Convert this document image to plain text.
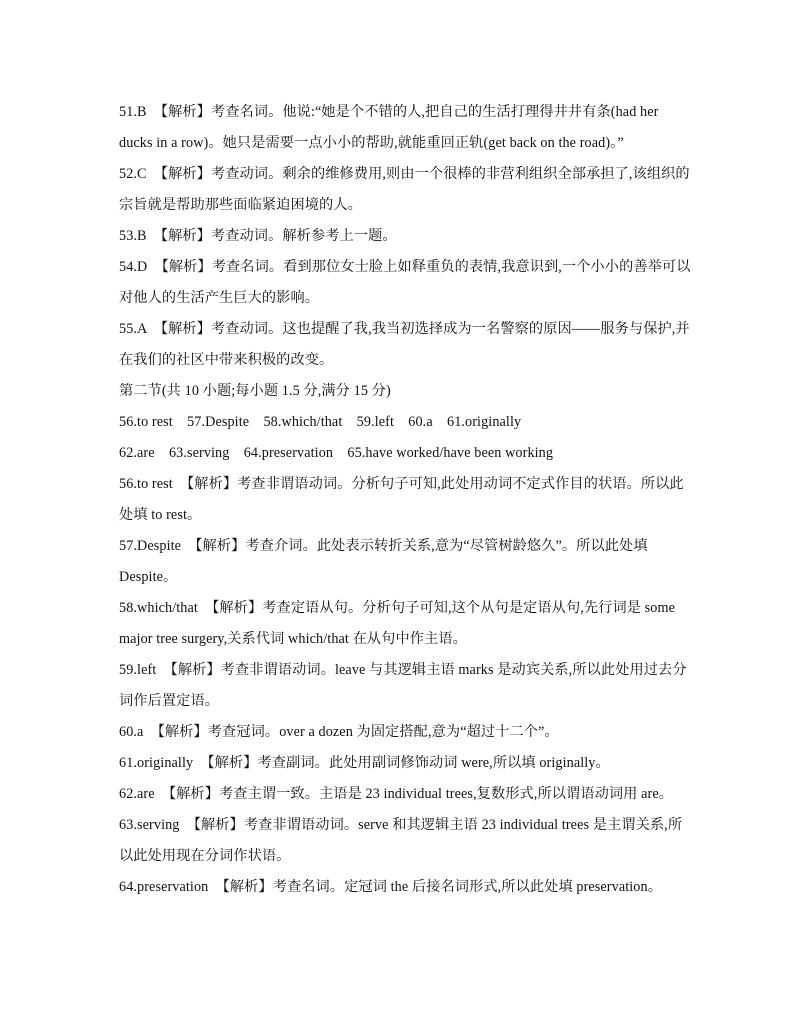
51.B　【解析】考查名词。他说:“她是个不错的人,把自己的生活打理得井井有条(had her
ducks in a row)。她只是需要一点小小的帮助,就能重回正轨(get back on the road)。”
52.C　【解析】考查动词。剩余的维修费用,则由一个很棒的非营利组织全部承担了,该组织的
宗旨就是帮助那些面临紧迫困境的人。
53.B　【解析】考查动词。解析参考上一题。
54.D　【解析】考查名词。看到那位女士脸上如释重负的表情,我意识到,一个小小的善举可以
对他人的生活产生巨大的影响。
55.A　【解析】考查动词。这也提醒了我,我当初选择成为一名警察的原因——服务与保护,并
在我们的社区中带来积极的改变。
第二节(共 10 小题;每小题 1.5 分,满分 15 分)
56.to rest　57.Despite　58.which/that　59.left　60.a　61.originally
62.are　63.serving　64.preservation　65.have worked/have been working
56.to rest　【解析】考查非谓语动词。分析句子可知,此处用动词不定式作目的状语。所以此
处填 to rest。
57.Despite　【解析】考查介词。此处表示转折关系,意为“尽管树龄悠久”。所以此处填
Despite。
58.which/that　【解析】考查定语从句。分析句子可知,这个从句是定语从句,先行词是 some
major tree surgery,关系代词 which/that 在从句中作主语。
59.left　【解析】考查非谓语动词。leave 与其逻辑主语 marks 是动宾关系,所以此处用过去分
词作后置定语。
60.a　【解析】考查冠词。over a dozen 为固定搭配,意为“超过十二个”。
61.originally　【解析】考查副词。此处用副词修饰动词 were,所以填 originally。
62.are　【解析】考查主谓一致。主语是 23 individual trees,复数形式,所以谓语动词用 are。
63.serving　【解析】考查非谓语动词。serve 和其逻辑主语 23 individual trees 是主谓关系,所
以此处用现在分词作状语。
64.preservation　【解析】考查名词。定冠词 the 后接名词形式,所以此处填 preservation。
